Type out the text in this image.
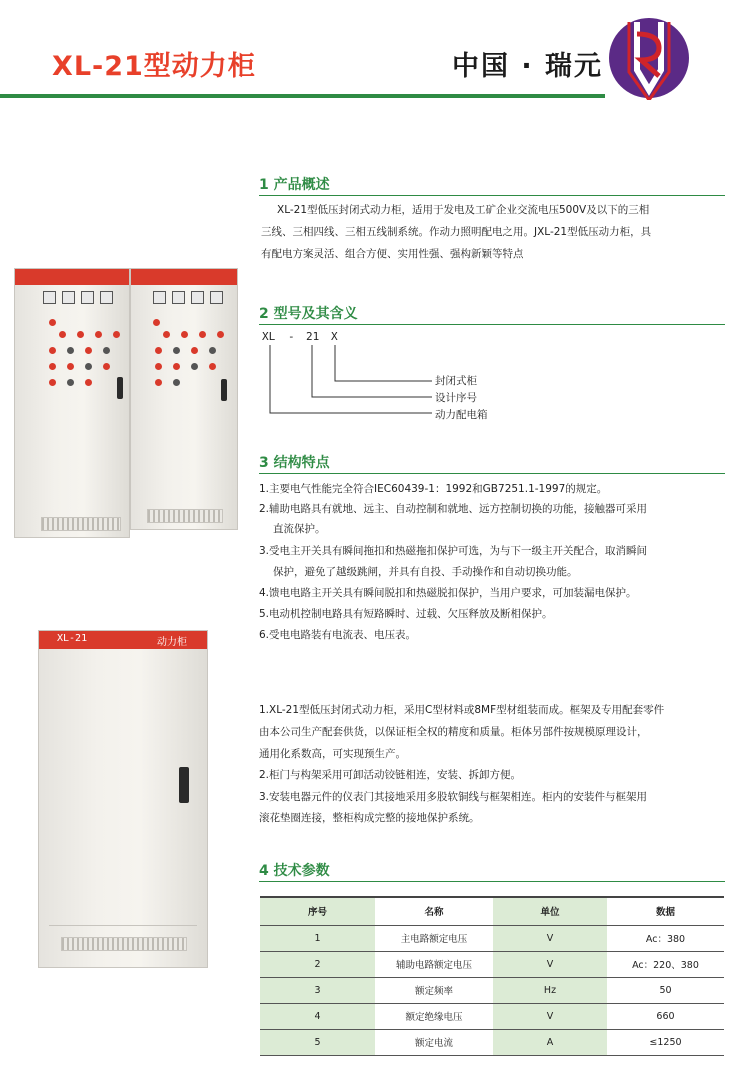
XL-21型动力柜	中国 · 瑞元
1 产品概述
XL-21型低压封闭式动力柜，适用于发电及工矿企业交流电压500V及以下的三相
三线、三相四线、三相五线制系统。作动力照明配电之用。JXL-21型低压动力柜，具
有配电方案灵活、组合方便、实用性强、强构新颖等特点
2 型号及其含义
XL - 21 X
封闭式柜
设计序号
动力配电箱
3 结构特点
1.主要电气性能完全符合IEC60439-1：1992和GB7251.1-1997的规定。
2.辅助电路具有就地、远主、自动控制和就地、远方控制切换的功能，接触器可采用
直流保护。
3.受电主开关具有瞬间拖扣和热磁拖扣保护可选，为与下一级主开关配合，取消瞬间
保护，避免了越级跳闸，并具有自投、手动操作和自动切换功能。
4.馈电电路主开关具有瞬间脱扣和热磁脱扣保护，当用户要求，可加装漏电保护。
5.电动机控制电路具有短路瞬时、过载、欠压释放及断相保护。
6.受电电路装有电流表、电压表。
1.XL-21型低压封闭式动力柜，采用C型材料或8MF型材组装而成。框架及专用配套零件
由本公司生产配套供货，以保证柜全权的精度和质量。柜体另部件按规模原理设计，
通用化系数高，可实现预生产。
2.柜门与构架采用可卸活动铰链相连，安装、拆卸方便。
3.安装电器元件的仪表门其接地采用多股软铜线与框架相连。柜内的安装件与框架用
滚花垫圈连接，整柜构成完整的接地保护系统。
4 技术参数
序号	名称	单位	数据
1	主电路额定电压	V	Ac：380
2	辅助电路额定电压	V	Ac：220、380
3	额定频率	Hz	50
4	额定绝缘电压	V	660
5	额定电流	A	≤1250
XL-21	动力柜
